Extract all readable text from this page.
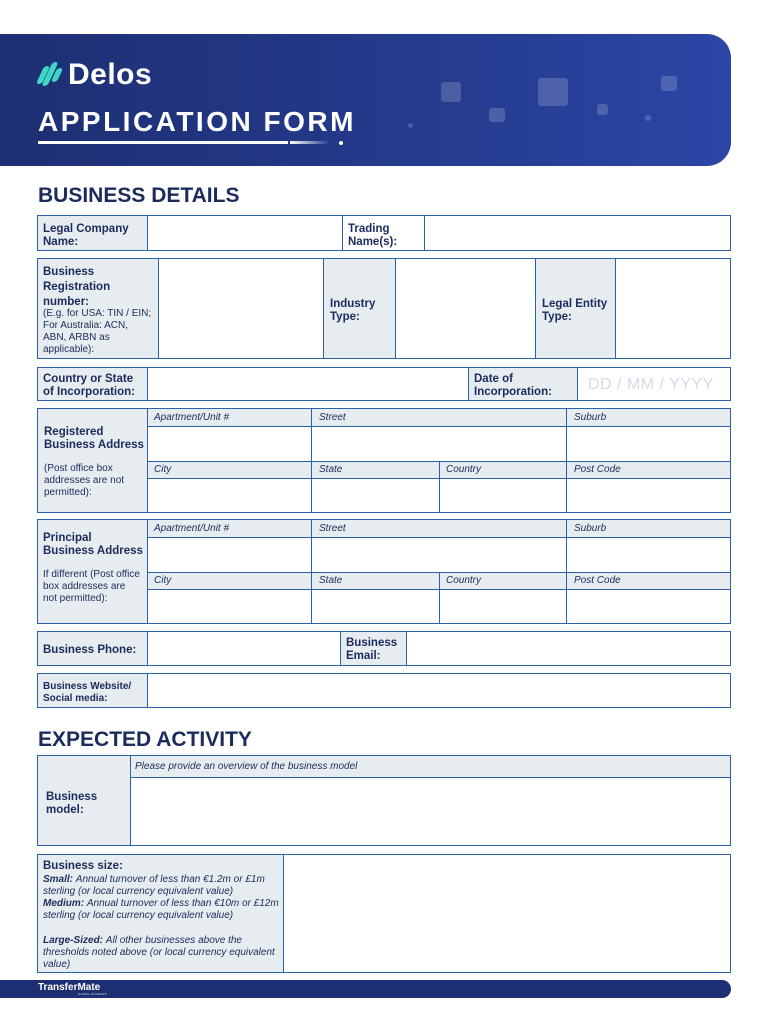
Delos
APPLICATION FORM
BUSINESS DETAILS
Legal Company Name:
Trading Name(s):
Business Registration number:
(E.g. for USA: TIN / EIN; For Australia: ACN, ABN, ARBN as applicable):
Industry Type:
Legal Entity Type:
Country or State of Incorporation:
Date of Incorporation:	DD / MM / YYYY
Registered Business Address
(Post office box addresses are not permitted):
Apartment/Unit #	Street	Suburb
City	State	Country	Post Code
Principal Business Address
If different (Post office box addresses are not permitted):
Apartment/Unit #	Street	Suburb
City	State	Country	Post Code
Business Phone:
Business Email:
Business Website/ Social media:
EXPECTED ACTIVITY
Business model:
Please provide an overview of the business model
Business size:
Small: Annual turnover of less than €1.2m or £1m sterling (or local currency equivalent value)
Medium: Annual turnover of less than €10m or £12m sterling (or local currency equivalent value)
Large-Sized: All other businesses above the thresholds noted above (or local currency equivalent value)
TransferMate
GLOBAL PAYMENTS
